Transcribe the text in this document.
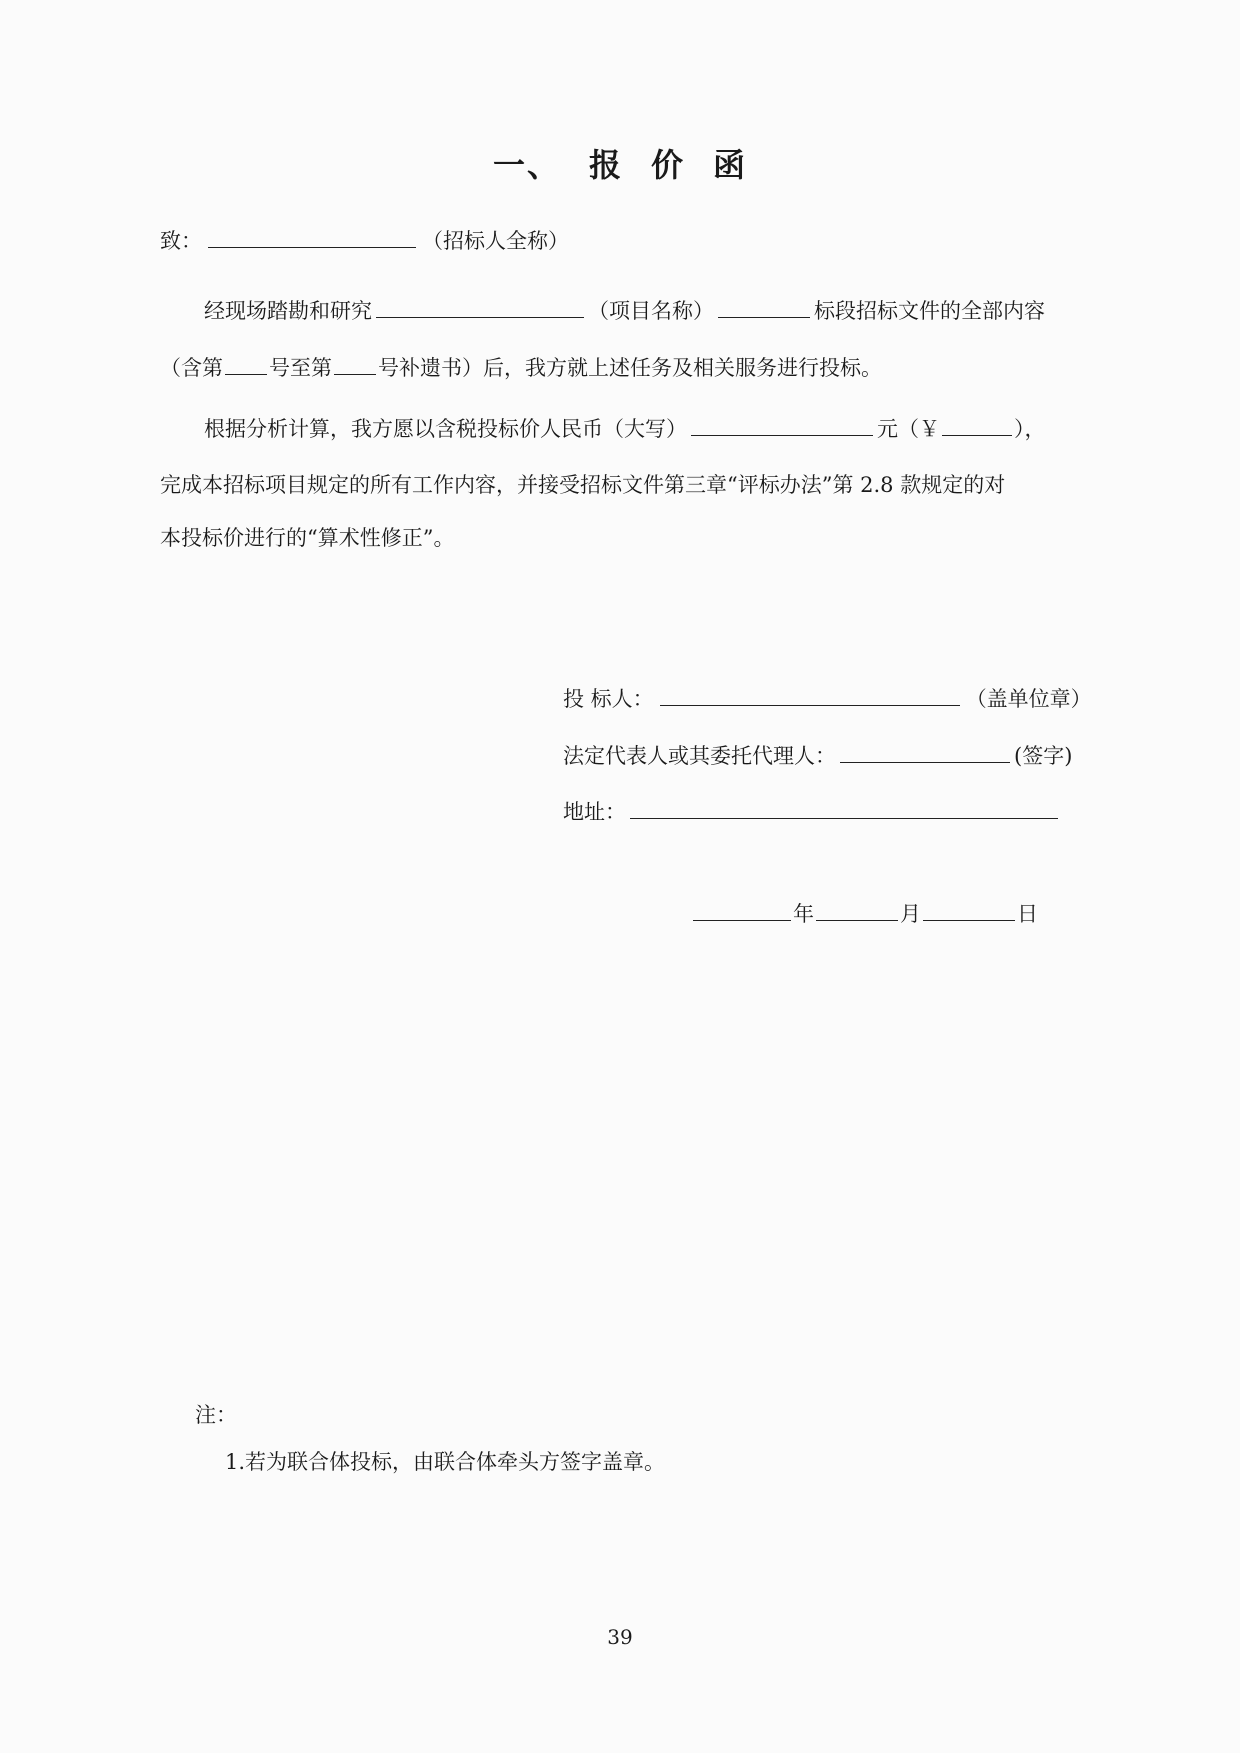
一、 报 价 函
致：	（招标人全称）
经现场踏勘和研究	（项目名称）	标段招标文件的全部内容
（含第 号至第 号补遗书）后，我方就上述任务及相关服务进行投标。
根据分析计算，我方愿以含税投标价人民币（大写）	元（￥	），
完成本招标项目规定的所有工作内容，并接受招标文件第三章“评标办法”第 2.8 款规定的对
本投标价进行的“算术性修正”。
投 标人：	（盖单位章）
法定代表人或其委托代理人：	(签字)
地址：
年	月	日
注：
1.若为联合体投标，由联合体牵头方签字盖章。
39
